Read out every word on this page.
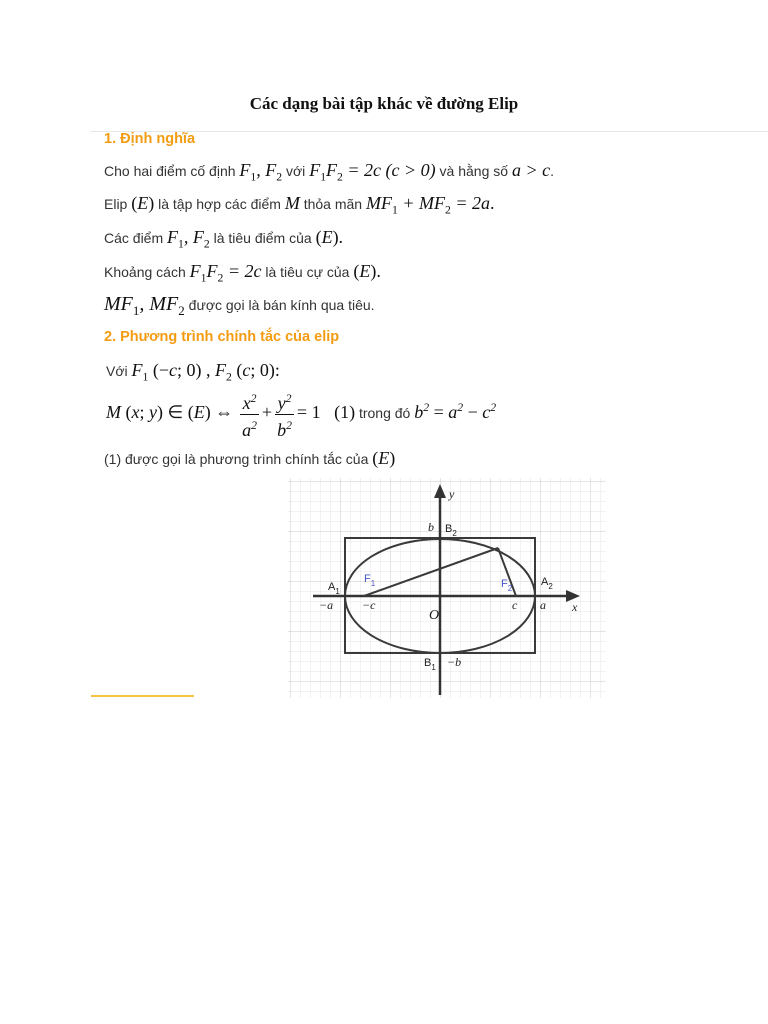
Các dạng bài tập khác về đường Elip
1. Định nghĩa
Cho hai điểm cố định $F_1$, $F_2$ với $F_1F_2 = 2c$ (c > 0) và hằng số a > c.
Elip (E) là tập hợp các điểm M thỏa mãn $MF_1 + MF_2 = 2a$.
Các điểm $F_1$, $F_2$ là tiêu điểm của (E).
Khoảng cách $F_1F_2 = 2c$ là tiêu cự của (E).
$MF_1$, $MF_2$ được gọi là bán kính qua tiêu.
2. Phương trình chính tắc của elip
Với $F_1$ (−c; 0) , $F_2$ (c; 0):
M (x; y) ∈ (E) ⇔ $\frac{x^2}{a^2} + \frac{y^2}{b^2} = 1$   (1) trong đó $b^2 = a^2 - c^2$
(1) được gọi là phương trình chính tắc của (E)
y
x
O
b
−b
a
−a	c
−c
$B_2$
$B_1$
$A_1$
$A_2$
$F_1$	$F_2$
